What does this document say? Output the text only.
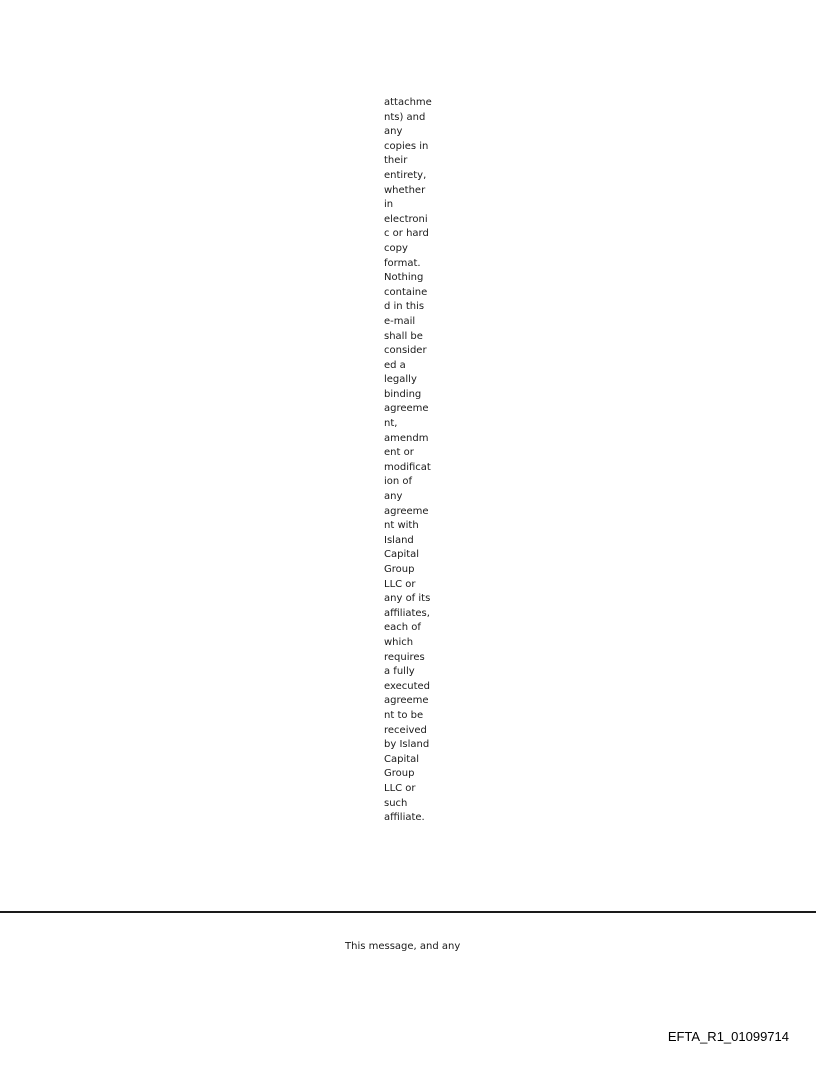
attachme
nts) and
any
copies in
their
entirety,
whether
in
electroni
c or hard
copy
format.
Nothing
containe
d in this
e-mail
shall be
consider
ed a
legally
binding
agreeme
nt,
amendm
ent or
modificat
ion of
any
agreeme
nt with
Island
Capital
Group
LLC or
any of its
affiliates,
each of
which
requires
a fully
executed
agreeme
nt to be
received
by Island
Capital
Group
LLC or
such
affiliate.
This message, and any
EFTA_R1_01099714
